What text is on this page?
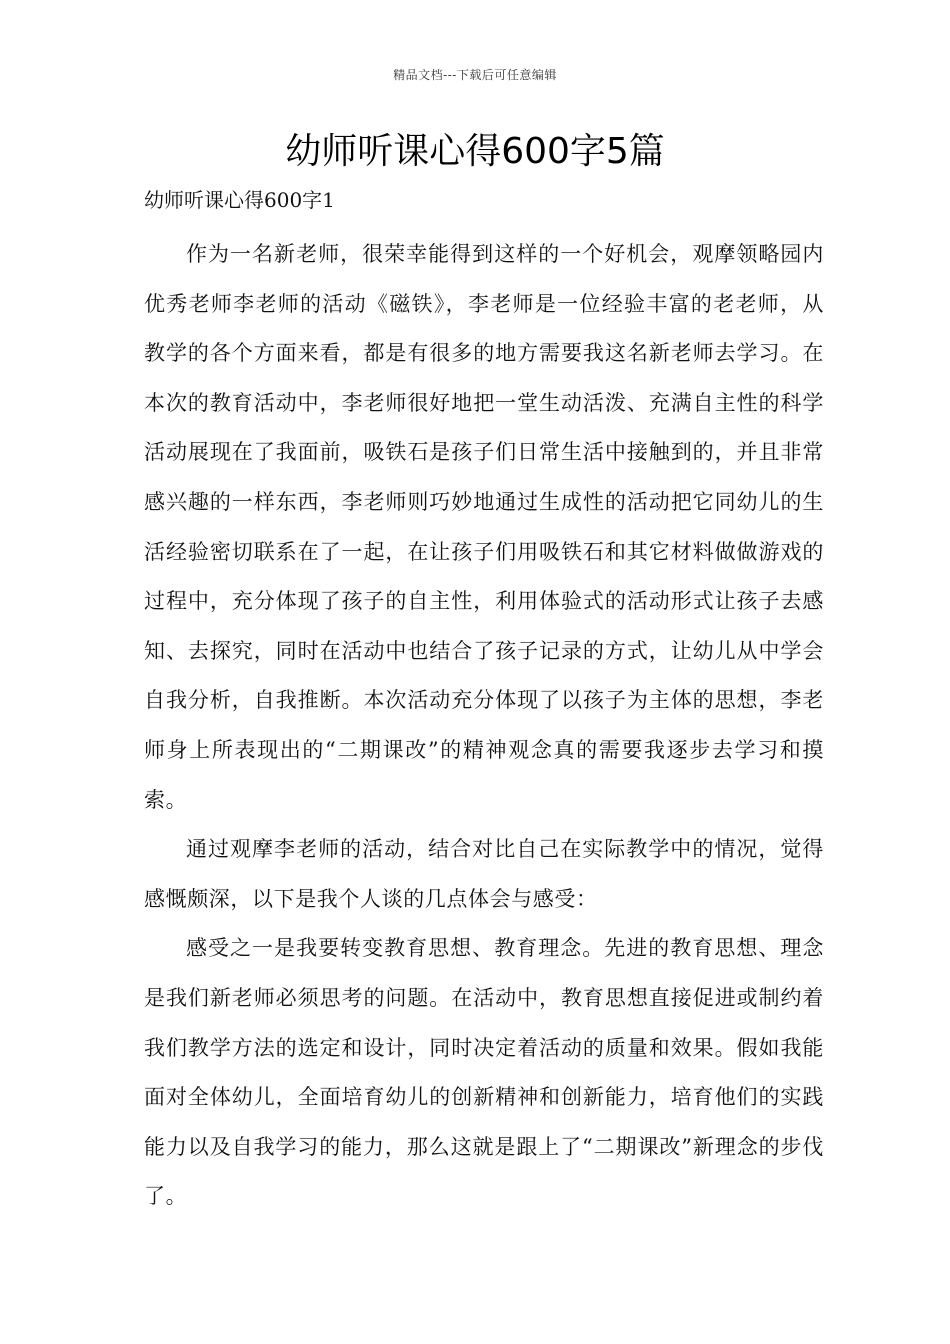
精品文档---下载后可任意编辑
幼师听课心得600字5篇
幼师听课心得600字1

作为一名新老师，很荣幸能得到这样的一个好机会，观摩领略园内优秀老师李老师的活动《磁铁》，李老师是一位经验丰富的老老师，从教学的各个方面来看，都是有很多的地方需要我这名新老师去学习。在本次的教育活动中，李老师很好地把一堂生动活泼、充满自主性的科学活动展现在了我面前，吸铁石是孩子们日常生活中接触到的，并且非常感兴趣的一样东西，李老师则巧妙地通过生成性的活动把它同幼儿的生活经验密切联系在了一起，在让孩子们用吸铁石和其它材料做做游戏的过程中，充分体现了孩子的自主性，利用体验式的活动形式让孩子去感知、去探究，同时在活动中也结合了孩子记录的方式，让幼儿从中学会自我分析，自我推断。本次活动充分体现了以孩子为主体的思想，李老师身上所表现出的“二期课改”的精神观念真的需要我逐步去学习和摸索。

通过观摩李老师的活动，结合对比自己在实际教学中的情况，觉得感慨颇深，以下是我个人谈的几点体会与感受：

感受之一是我要转变教育思想、教育理念。先进的教育思想、理念是我们新老师必须思考的问题。在活动中，教育思想直接促进或制约着我们教学方法的选定和设计，同时决定着活动的质量和效果。假如我能面对全体幼儿，全面培育幼儿的创新精神和创新能力，培育他们的实践能力以及自我学习的能力，那么这就是跟上了“二期课改”新理念的步伐了。
